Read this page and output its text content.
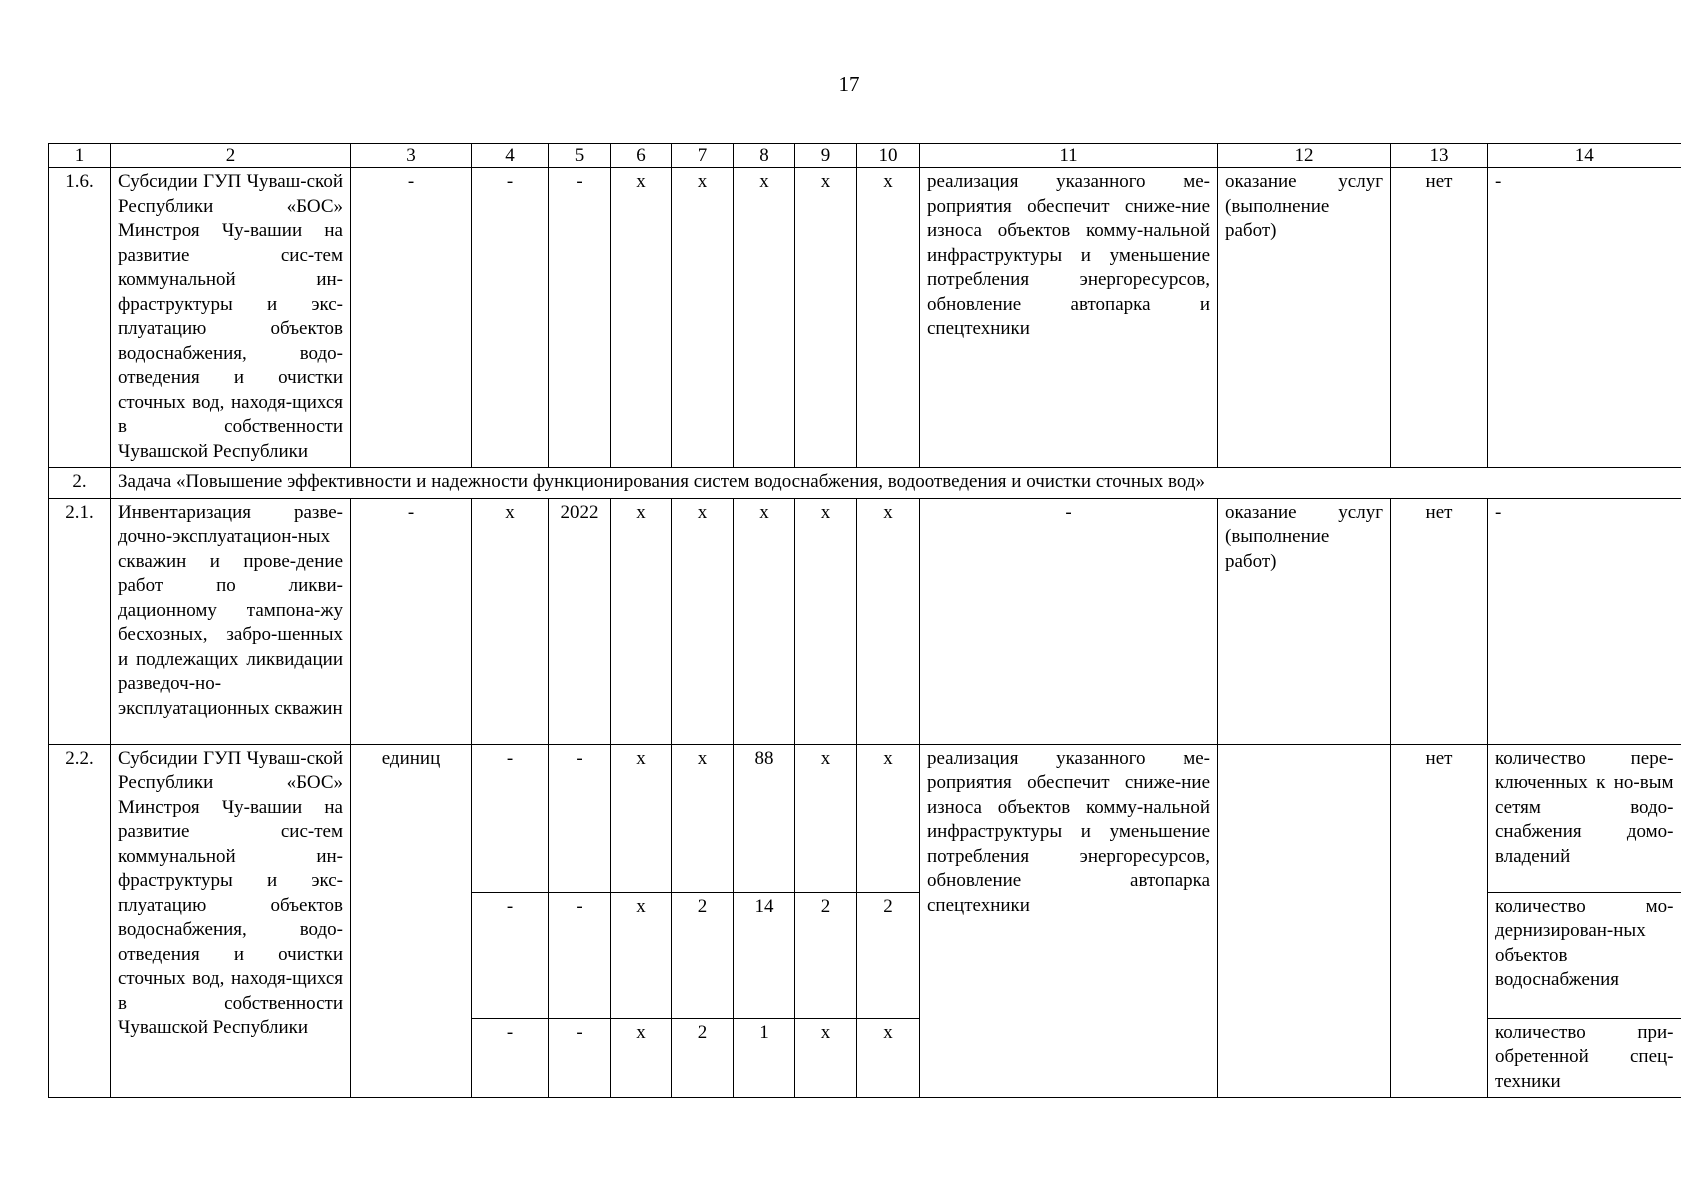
17
1	2	3	4	5	6	7	8	9	10	11	12	13	14
1.6.	Субсидии ГУП Чуваш-ской Республики «БОС» Минстроя Чу-вашии на развитие сис-тем коммунальной ин-фраструктуры и экс-плуатацию объектов водоснабжения, водо-отведения и очистки сточных вод, находя-щихся в собственности Чувашской Республики	-	-	-	х	х	х	х	х	реализация указанного ме-роприятия обеспечит сниже-ние износа объектов комму-нальной инфраструктуры и уменьшение потребления энергоресурсов, обновление автопарка и спецтехники	оказание услуг (выполнение работ)	нет	-
2.	Задача «Повышение эффективности и надежности функционирования систем водоснабжения, водоотведения и очистки сточных вод»												
2.1.	Инвентаризация разве-дочно-эксплуатацион-ных скважин и прове-дение работ по ликви-дационному тампона-жу бесхозных, забро-шенных и подлежащих ликвидации разведоч-но-эксплуатационных скважин	-	х	2022	х	х	х	х	х	-	оказание услуг (выполнение работ)	нет	-
2.2.	Субсидии ГУП Чуваш-ской Республики «БОС» Минстроя Чу-вашии на развитие сис-тем коммунальной ин-фраструктуры и экс-плуатацию объектов водоснабжения, водо-отведения и очистки сточных вод, находя-щихся в собственности Чувашской Республики	единиц	-	-	х	х	88	х	х	реализация указанного ме-роприятия обеспечит сниже-ние износа объектов комму-нальной инфраструктуры и уменьшение потребления энергоресурсов, обновление автопарка спецтехники		нет	количество пере-ключенных к но-вым сетям водо-снабжения домо-владений
			-	-	х	2	14	2	2				количество мо-дернизирован-ных объектов водоснабжения
			-	-	х	2	1	х	х				количество при-обретенной спец-техники
